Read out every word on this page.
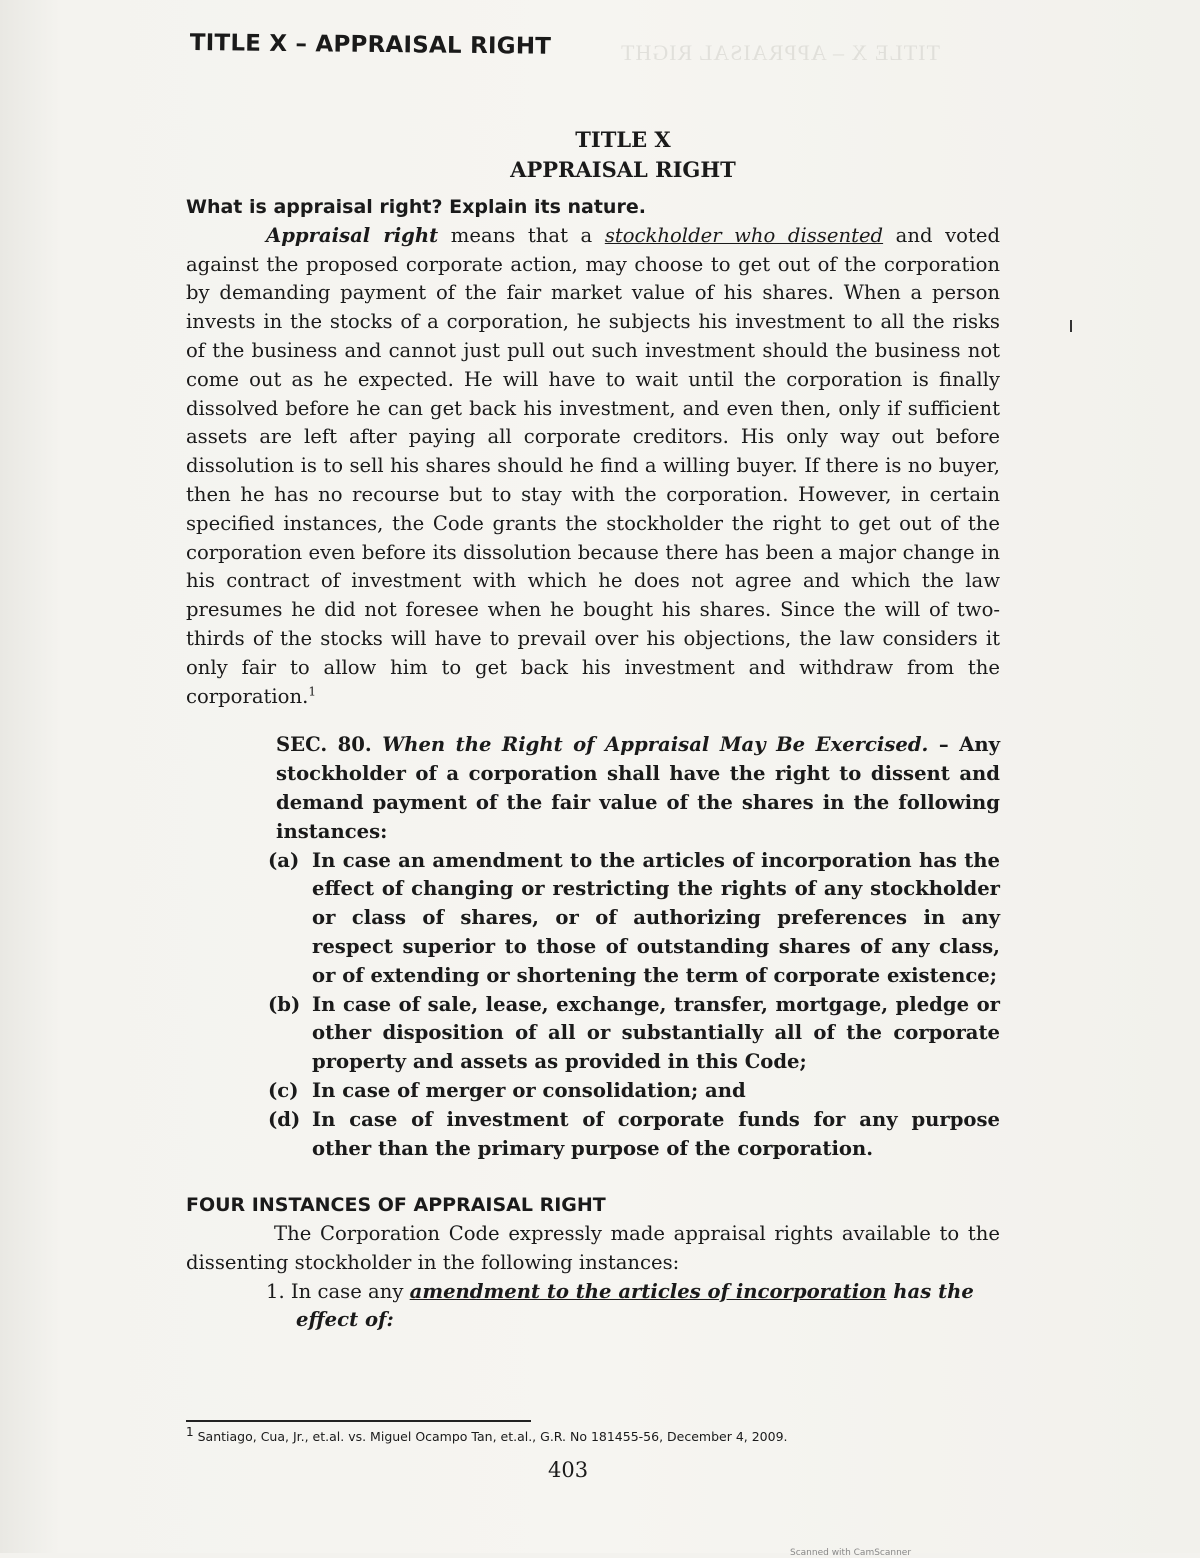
TITLE X – APPRAISAL RIGHT
TITLE X – APPRAISAL RIGHT
TITLE X
APPRAISAL RIGHT
What is appraisal right? Explain its nature.

Appraisal right means that a stockholder who dissented and voted against the proposed corporate action, may choose to get out of the corporation by demanding payment of the fair market value of his shares. When a person invests in the stocks of a corporation, he subjects his investment to all the risks of the business and cannot just pull out such investment should the business not come out as he expected. He will have to wait until the corporation is finally dissolved before he can get back his investment, and even then, only if sufficient assets are left after paying all corporate creditors. His only way out before dissolution is to sell his shares should he find a willing buyer. If there is no buyer, then he has no recourse but to stay with the corporation. However, in certain specified instances, the Code grants the stockholder the right to get out of the corporation even before its dissolution because there has been a major change in his contract of investment with which he does not agree and which the law presumes he did not foresee when he bought his shares. Since the will of two-thirds of the stocks will have to prevail over his objections, the law considers it only fair to allow him to get back his investment and withdraw from the corporation.$^1$

SEC. 80. When the Right of Appraisal May Be Exercised. – Any stockholder of a corporation shall have the right to dissent and demand payment of the fair value of the shares in the following instances:
(a) In case an amendment to the articles of incorporation has the effect of changing or restricting the rights of any stockholder or class of shares, or of authorizing preferences in any respect superior to those of outstanding shares of any class, or of extending or shortening the term of corporate existence;
(b) In case of sale, lease, exchange, transfer, mortgage, pledge or other disposition of all or substantially all of the corporate property and assets as provided in this Code;
(c) In case of merger or consolidation; and
(d) In case of investment of corporate funds for any purpose other than the primary purpose of the corporation.
FOUR INSTANCES OF APPRAISAL RIGHT
The Corporation Code expressly made appraisal rights available to the dissenting stockholder in the following instances:
1. In case any amendment to the articles of incorporation has the
effect of:
$^1$ Santiago, Cua, Jr., et.al. vs. Miguel Ocampo Tan, et.al., G.R. No 181455-56, December 4, 2009.
403
Scanned with CamScanner
